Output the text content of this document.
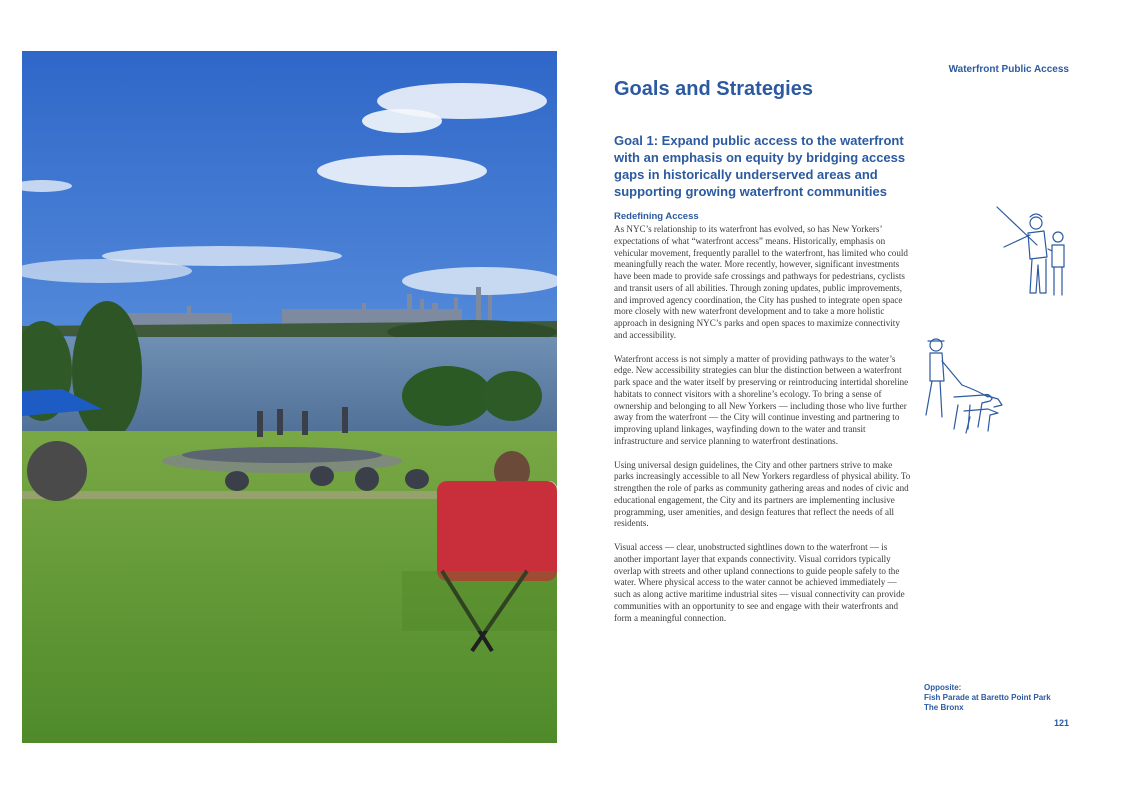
Waterfront Public Access
Goals and Strategies
Goal 1: Expand public access to the waterfront with an emphasis on equity by bridging access gaps in historically underserved areas and supporting growing waterfront communities
Redefining Access

As NYC’s relationship to its waterfront has evolved, so has New Yorkers’ expectations of what “waterfront access” means. Historically, emphasis on vehicular movement, frequently parallel to the waterfront, has limited who could meaningfully reach the water. More recently, however, significant investments have been made to provide safe crossings and pathways for pedestrians, cyclists and transit users of all abilities. Through zoning updates, public improvements, and improved agency coordination, the City has pushed to integrate open space more closely with new waterfront development and to take a more holistic approach in designing NYC’s parks and open spaces to maximize connectivity and accessibility.

Waterfront access is not simply a matter of providing pathways to the water’s edge. New accessibility strategies can blur the distinction between a waterfront park space and the water itself by preserving or reintroducing intertidal shoreline habitats to connect visitors with a shoreline’s ecology. To bring a sense of ownership and belonging to all New Yorkers — including those who live further away from the waterfront — the City will continue investing and partnering to improving upland linkages, wayfinding down to the water and transit infrastructure and service planning to waterfront destinations.

Using universal design guidelines, the City and other partners strive to make parks increasingly accessible to all New Yorkers regardless of physical ability. To strengthen the role of parks as community gathering areas and nodes of civic and educational engagement, the City and its partners are implementing inclusive programming, user amenities, and design features that reflect the needs of all residents.

Visual access — clear, unobstructed sightlines down to the waterfront — is another important layer that expands connectivity. Visual corridors typically overlap with streets and other upland connections to guide people safely to the water. Where physical access to the water cannot be achieved immediately — such as along active maritime industrial sites — visual connectivity can provide communities with an opportunity to see and engage with their waterfronts and form a meaningful connection.

Opposite:
Fish Parade at Baretto Point Park
The Bronx
121
